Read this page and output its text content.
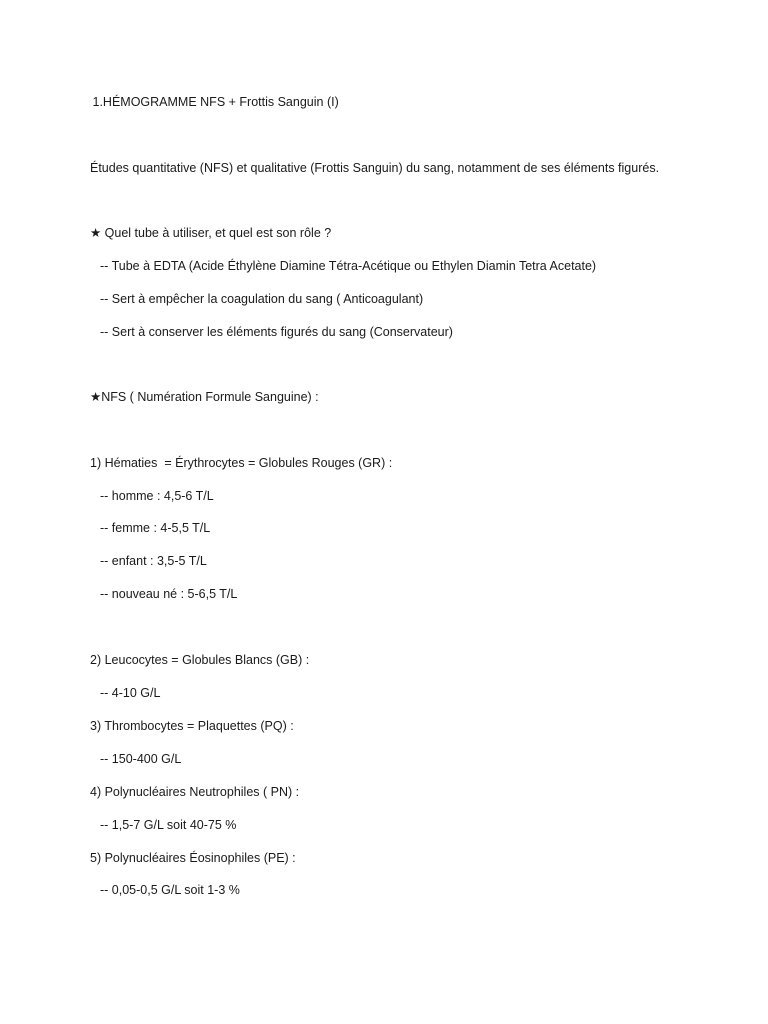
 1.HÉMOGRAMME NFS + Frottis Sanguin (I)
Études quantitative (NFS) et qualitative (Frottis Sanguin) du sang, notamment de ses éléments figurés.
★ Quel tube à utiliser, et quel est son rôle ?
-- Tube à EDTA (Acide Éthylène Diamine Tétra-Acétique ou Ethylen Diamin Tetra Acetate)
-- Sert à empêcher la coagulation du sang ( Anticoagulant)
-- Sert à conserver les éléments figurés du sang (Conservateur)
★NFS ( Numération Formule Sanguine) :
1) Hématies  = Érythrocytes = Globules Rouges (GR) :
-- homme : 4,5-6 T/L
-- femme : 4-5,5 T/L
-- enfant : 3,5-5 T/L
-- nouveau né : 5-6,5 T/L
2) Leucocytes = Globules Blancs (GB) :
-- 4-10 G/L
3) Thrombocytes = Plaquettes (PQ) :
-- 150-400 G/L
4) Polynucléaires Neutrophiles ( PN) :
-- 1,5-7 G/L soit 40-75 %
5) Polynucléaires Éosinophiles (PE) :
-- 0,05-0,5 G/L soit 1-3 %
